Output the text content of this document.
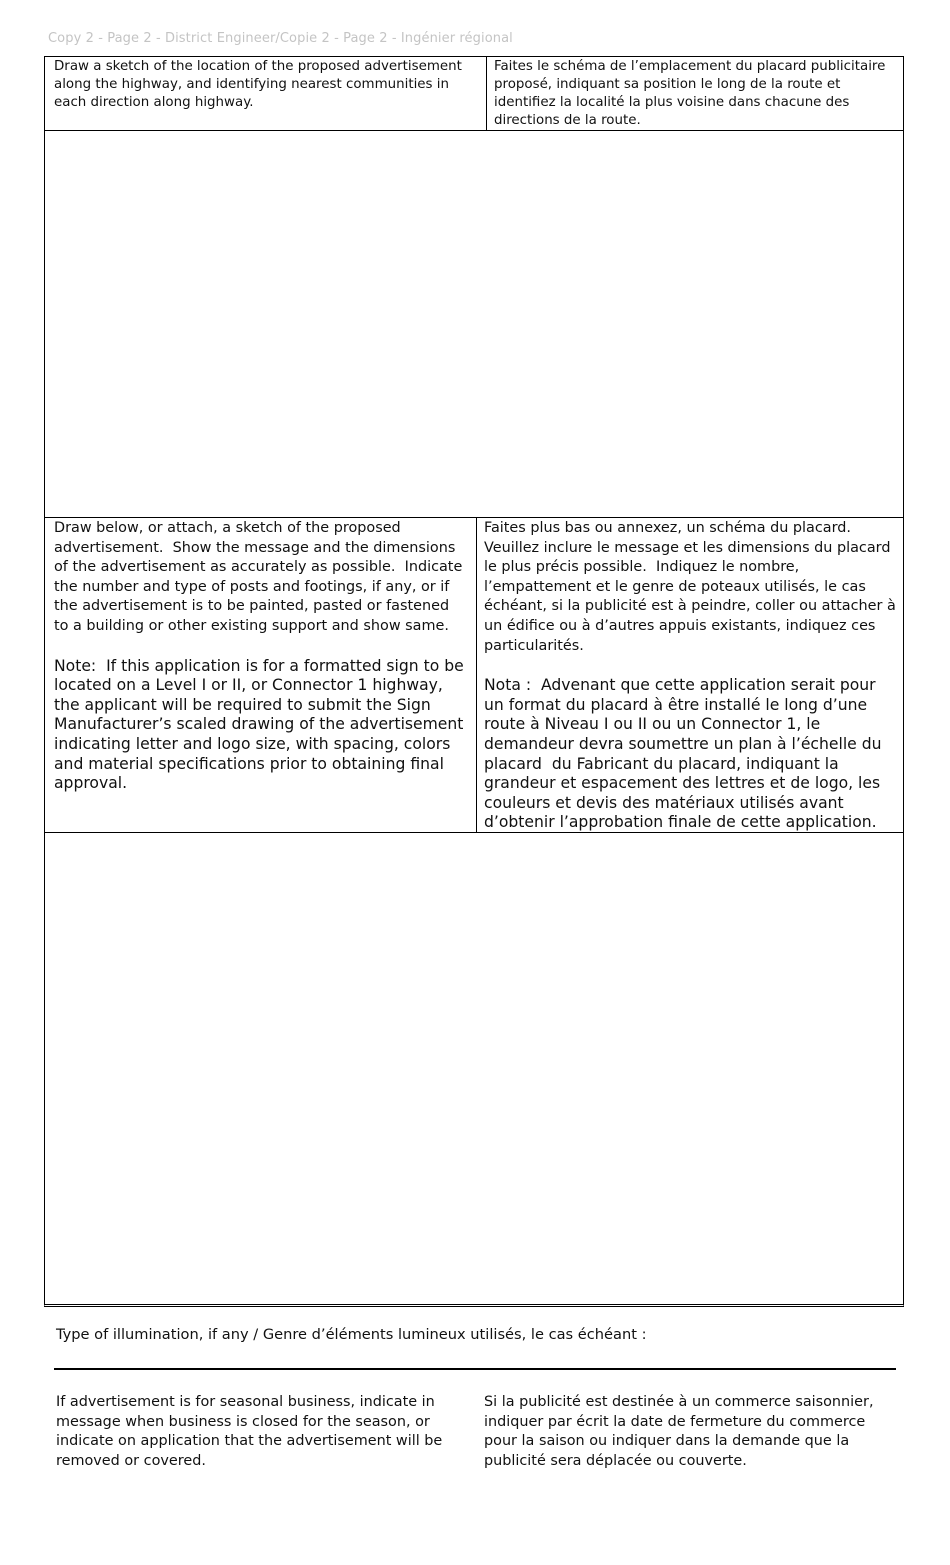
Copy 2 - Page 2 - District Engineer/Copie 2 - Page 2 - Ingénier régional
Draw a sketch of the location of the proposed advertisement along the highway, and identifying nearest communities in each direction along highway.
Faites le schéma de l’emplacement du placard publicitaire proposé, indiquant sa position le long de la route et identifiez la localité la plus voisine dans chacune des directions de la route.

Draw below, or attach, a sketch of the proposed advertisement.  Show the message and the dimensions of the advertisement as accurately as possible.  Indicate the number and type of posts and footings, if any, or if the advertisement is to be painted, pasted or fastened to a building or other existing support and show same.

Note:  If this application is for a formatted sign to be located on a Level I or II, or Connector 1 highway, the applicant will be required to submit the Sign Manufacturer’s scaled drawing of the advertisement indicating letter and logo size, with spacing, colors and material specifications prior to obtaining final approval.

Faites plus bas ou annexez, un schéma du placard. Veuillez inclure le message et les dimensions du placard le plus précis possible.  Indiquez le nombre, l’empattement et le genre de poteaux utilisés, le cas échéant, si la publicité est à peindre, coller ou attacher à un édifice ou à d’autres appuis existants, indiquez ces particularités.

Nota :  Advenant que cette application serait pour un format du placard à être installé le long d’une route à Niveau I ou II ou un Connector 1, le demandeur devra soumettre un plan à l’échelle du placard  du Fabricant du placard, indiquant la grandeur et espacement des lettres et de logo, les couleurs et devis des matériaux utilisés avant d’obtenir l’approbation finale de cette application.

Type of illumination, if any / Genre d’éléments lumineux utilisés, le cas échéant :
If advertisement is for seasonal business, indicate in message when business is closed for the season, or indicate on application that the advertisement will be removed or covered.
Si la publicité est destinée à un commerce saisonnier, indiquer par écrit la date de fermeture du commerce pour la saison ou indiquer dans la demande que la publicité sera déplacée ou couverte.
